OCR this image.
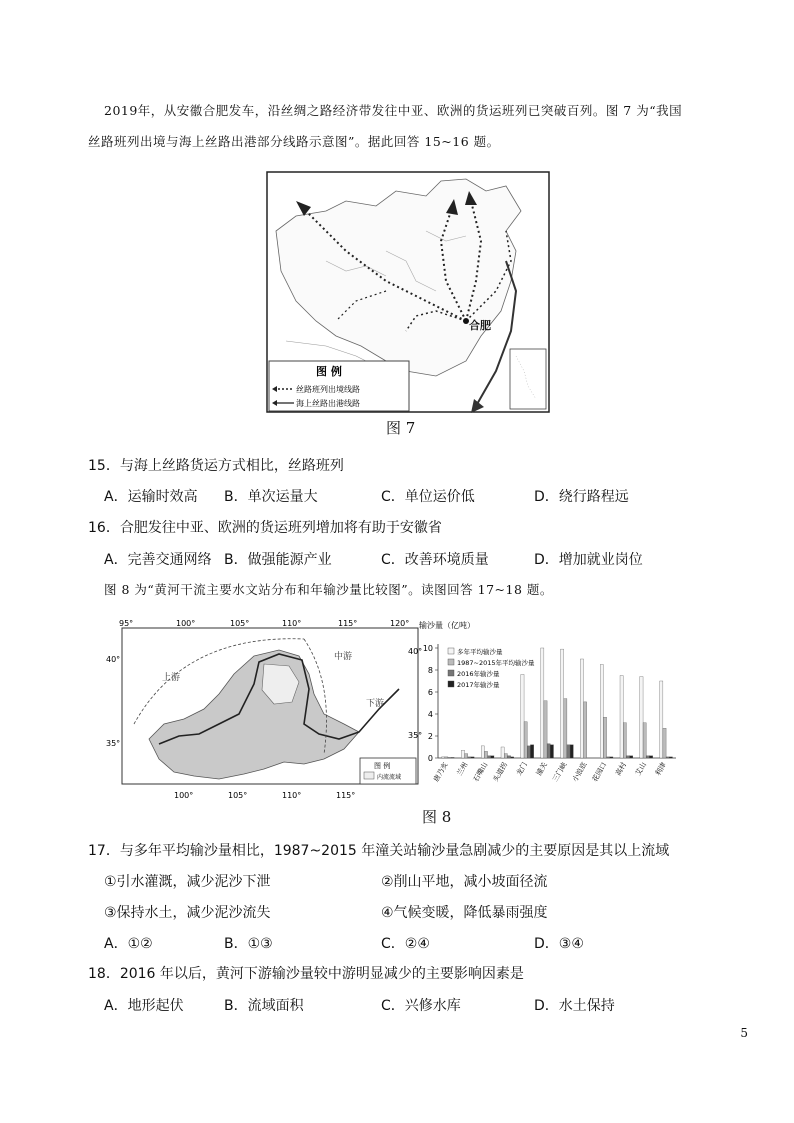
2019年，从安徽合肥发车，沿丝绸之路经济带发往中亚、欧洲的货运班列已突破百列。图 7 为“我国
丝路班列出境与海上丝路出港部分线路示意图”。据此回答 15~16 题。
合肥
图 例
丝路班列出境线路
海上丝路出港线路
图 7
15．与海上丝路货运方式相比，丝路班列
A．运输时效高 B．单次运量大	C．单位运价低	D．绕行路程远
16．合肥发往中亚、欧洲的货运班列增加将有助于安徽省
A．完善交通网络 B．做强能源产业	C．改善环境质量	D．增加就业岗位
图 8 为“黄河干流主要水文站分布和年输沙量比较图”。读图回答 17~18 题。
95°	100°	105°	110°	115°	120°
100°	105°	110°	115°
40°
35°
40°
35°
上游
中游
下游
图 例
内流流域
输沙量（亿吨）
0
2
4
6
8
10
唐乃亥 兰州 石嘴山 头道拐 龙门 潼关 三门峡 小浪底 花园口 高村 艾山 利津
多年平均输沙量
1987~2015年平均输沙量
2016年输沙量
2017年输沙量
图 8
17．与多年平均输沙量相比，1987~2015 年潼关站输沙量急剧减少的主要原因是其以上流域
①引水灌溉，减少泥沙下泄	②削山平地，减小坡面径流
③保持水土，减少泥沙流失	④气候变暖，降低暴雨强度
A．①②	B．①③	C．②④	D．③④
18．2016 年以后，黄河下游输沙量较中游明显减少的主要影响因素是
A．地形起伏	B．流域面积	C．兴修水库	D．水土保持
5
